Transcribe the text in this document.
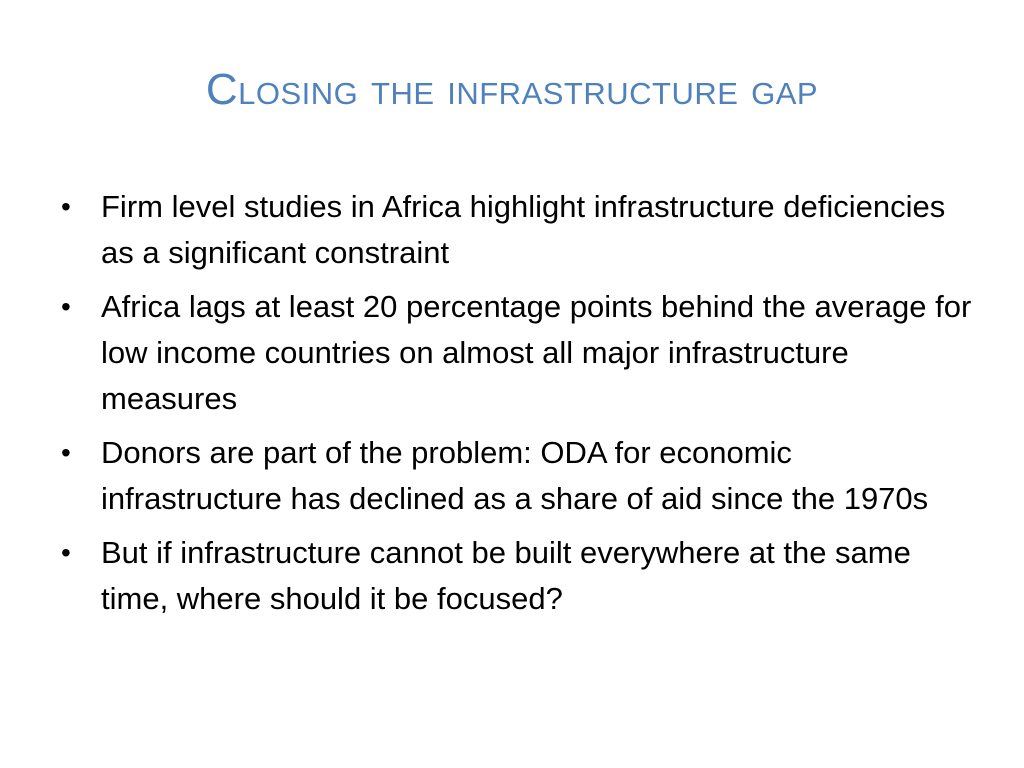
Closing the infrastructure gap
• Firm level studies in Africa highlight infrastructure deficiencies as a significant constraint
• Africa lags at least 20 percentage points behind the average for low income countries on almost all major infrastructure measures
• Donors are part of the problem: ODA for economic infrastructure has declined as a share of aid since the 1970s
• But if infrastructure cannot be built everywhere at the same time, where should it be focused?
